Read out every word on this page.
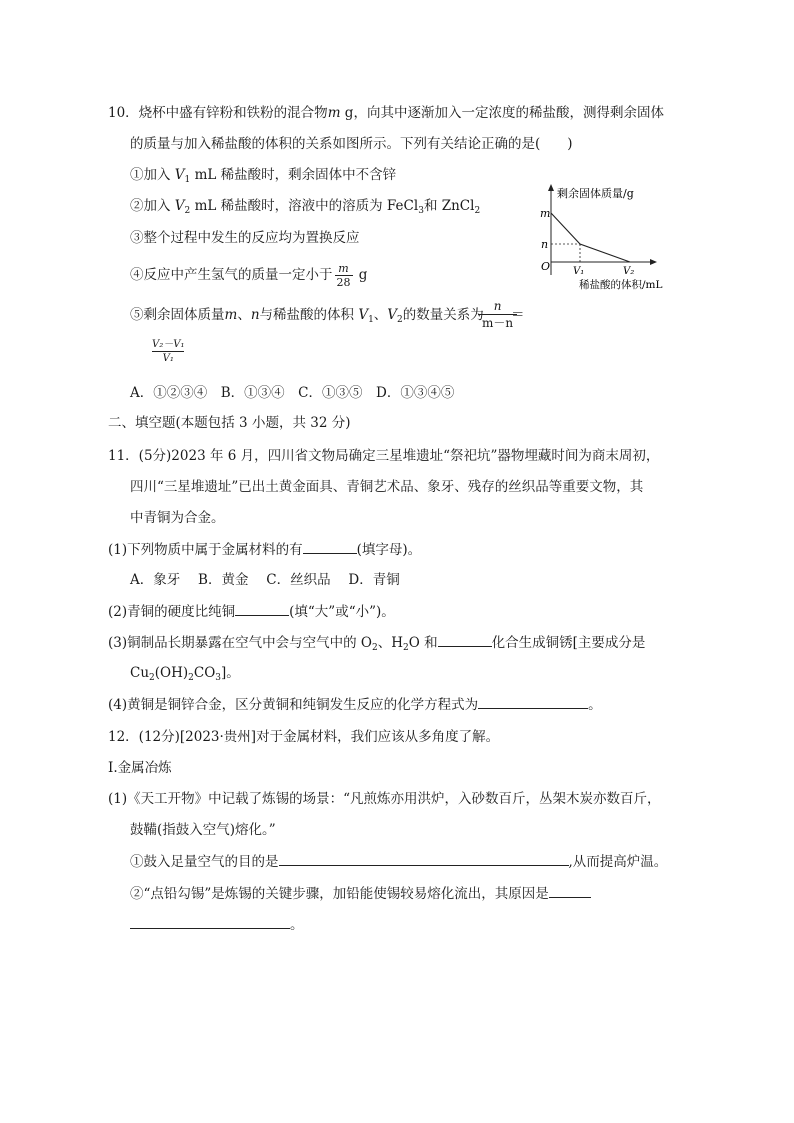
10．烧杯中盛有锌粉和铁粉的混合物m g，向其中逐渐加入一定浓度的稀盐酸，测得剩余固体
的质量与加入稀盐酸的体积的关系如图所示。下列有关结论正确的是(　　)
①加入 $V_1$ mL 稀盐酸时，剩余固体中不含锌
②加入 $V_2$ mL 稀盐酸时，溶液中的溶质为 FeCl$_3$和 ZnCl$_2$
③整个过程中发生的反应均为置换反应
④反应中产生氢气的质量一定小于 $\frac{m}{28}$ g
⑤剩余固体质量m、n与稀盐酸的体积 $V_1$、$V_2$的数量关系为
n
m－n
＝
V₂－V₁
V₁
A．①②③④　B．①③④　C．①③⑤　D．①③④⑤
剩余固体质量/g
m
n
O V₁	V₂
稀盐酸的体积/mL
二、填空题(本题包括 3 小题，共 32 分)
11．(5分)2023 年 6 月，四川省文物局确定三星堆遗址“祭祀坑”器物埋藏时间为商末周初，
四川“三星堆遗址”已出土黄金面具、青铜艺术品、象牙、残存的丝织品等重要文物，其
中青铜为合金。
(1)下列物质中属于金属材料的有	(填字母)。
A．象牙　 B．黄金　 C．丝织品　 D．青铜
(2)青铜的硬度比纯铜	(填“大”或“小”)。
(3)铜制品长期暴露在空气中会与空气中的 $O_2$、$H_2O$ 和	化合生成铜锈[主要成分是
$Cu_2(OH)_2CO_3$]。
(4)黄铜是铜锌合金，区分黄铜和纯铜发生反应的化学方程式为	。
12．(12分)[2023·贵州]对于金属材料，我们应该从多角度了解。
Ⅰ.金属冶炼
(1)《天工开物》中记载了炼锡的场景：“凡煎炼亦用洪炉，入砂数百斤，丛架木炭亦数百斤，
鼓鞴(指鼓入空气)熔化。”
①鼓入足量空气的目的是	,从而提高炉温。
②“点铅勾锡”是炼锡的关键步骤，加铅能使锡较易熔化流出，其原因是
。
